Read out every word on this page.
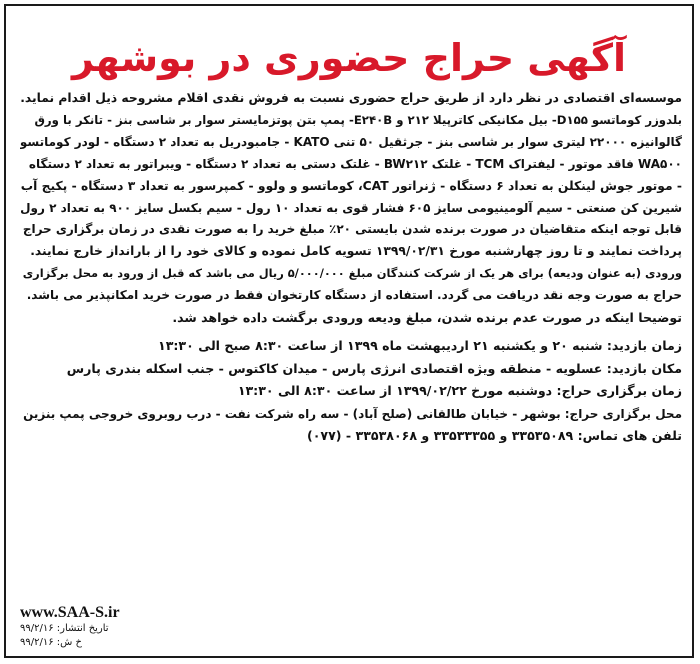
آگهی حراج حضوری در بوشهر
موسسه‌ای اقتصادی در نظر دارد از طریق حراج حضوری نسبت به فروش نقدی اقلام مشروحه ذیل اقدام نماید.
بلدوزر کوماتسو D۱۵۵- بیل مکانیکی کاترپیلا ۲۱۲ و E۲۴۰B- پمپ بتن پوتزمایستر سوار بر شاسی بنز - تانکر با ورق
گالوانیزه ۲۲۰۰۰ لیتری سوار بر شاسی بنز - جرثقیل ۵۰ تنی KATO - جامبودریل به تعداد ۲ دستگاه - لودر کوماتسو
WA۵۰۰ فاقد موتور - لیفتراک TCM - غلتک BW۲۱۲ - غلتک دستی به تعداد ۲ دستگاه - ویبراتور به تعداد ۲ دستگاه
- موتور جوش لینکلن به تعداد ۶ دستگاه - ژنراتور CAT، کوماتسو و ولوو - کمپرسور به تعداد ۳ دستگاه - پکیج آب
شیرین کن صنعتی - سیم آلومینیومی سایز ۶۰۵ فشار قوی به تعداد ۱۰ رول - سیم بکسل سایز ۹۰۰ به تعداد ۲ رول
قابل توجه اینکه متقاضیان در صورت برنده شدن بایستی ۲۰٪ مبلغ خرید را به صورت نقدی در زمان برگزاری حراج
پرداخت نمایند و تا روز چهارشنبه مورخ ۱۳۹۹/۰۲/۳۱ تسویه کامل نموده و کالای خود را از بارانداز خارج نمایند.
ورودی (به عنوان ودیعه) برای هر یک از شرکت کنندگان مبلغ ۵/۰۰۰/۰۰۰ ریال می باشد که قبل از ورود به محل برگزاری
حراج به صورت وجه نقد دریافت می گردد. استفاده از دستگاه کارتخوان فقط در صورت خرید امکانپذیر می باشد.
توضیحا اینکه در صورت عدم برنده شدن، مبلغ ودیعه ورودی برگشت داده خواهد شد.
زمان بازدید: شنبه ۲۰ و یکشنبه ۲۱ اردیبهشت ماه ۱۳۹۹ از ساعت ۸:۳۰ صبح الی ۱۳:۳۰
مکان بازدید: عسلویه - منطقه ویژه اقتصادی انرژی پارس - میدان کاکتوس - جنب اسکله بندری پارس
زمان برگزاری حراج: دوشنبه مورخ ۱۳۹۹/۰۲/۲۲ از ساعت ۸:۳۰ الی ۱۳:۳۰
محل برگزاری حراج: بوشهر - خیابان طالقانی (صلح آباد) - سه راه شرکت نفت - درب روبروی خروجی پمپ بنزین
تلفن های تماس: ۳۳۵۳۵۰۸۹ و ۳۳۵۳۳۳۵۵ و ۳۳۵۳۸۰۶۸ - (۰۷۷)
www.SAA-S.ir
تاریخ انتشار: ۹۹/۲/۱۶
خ ش: ۹۹/۲/۱۶
